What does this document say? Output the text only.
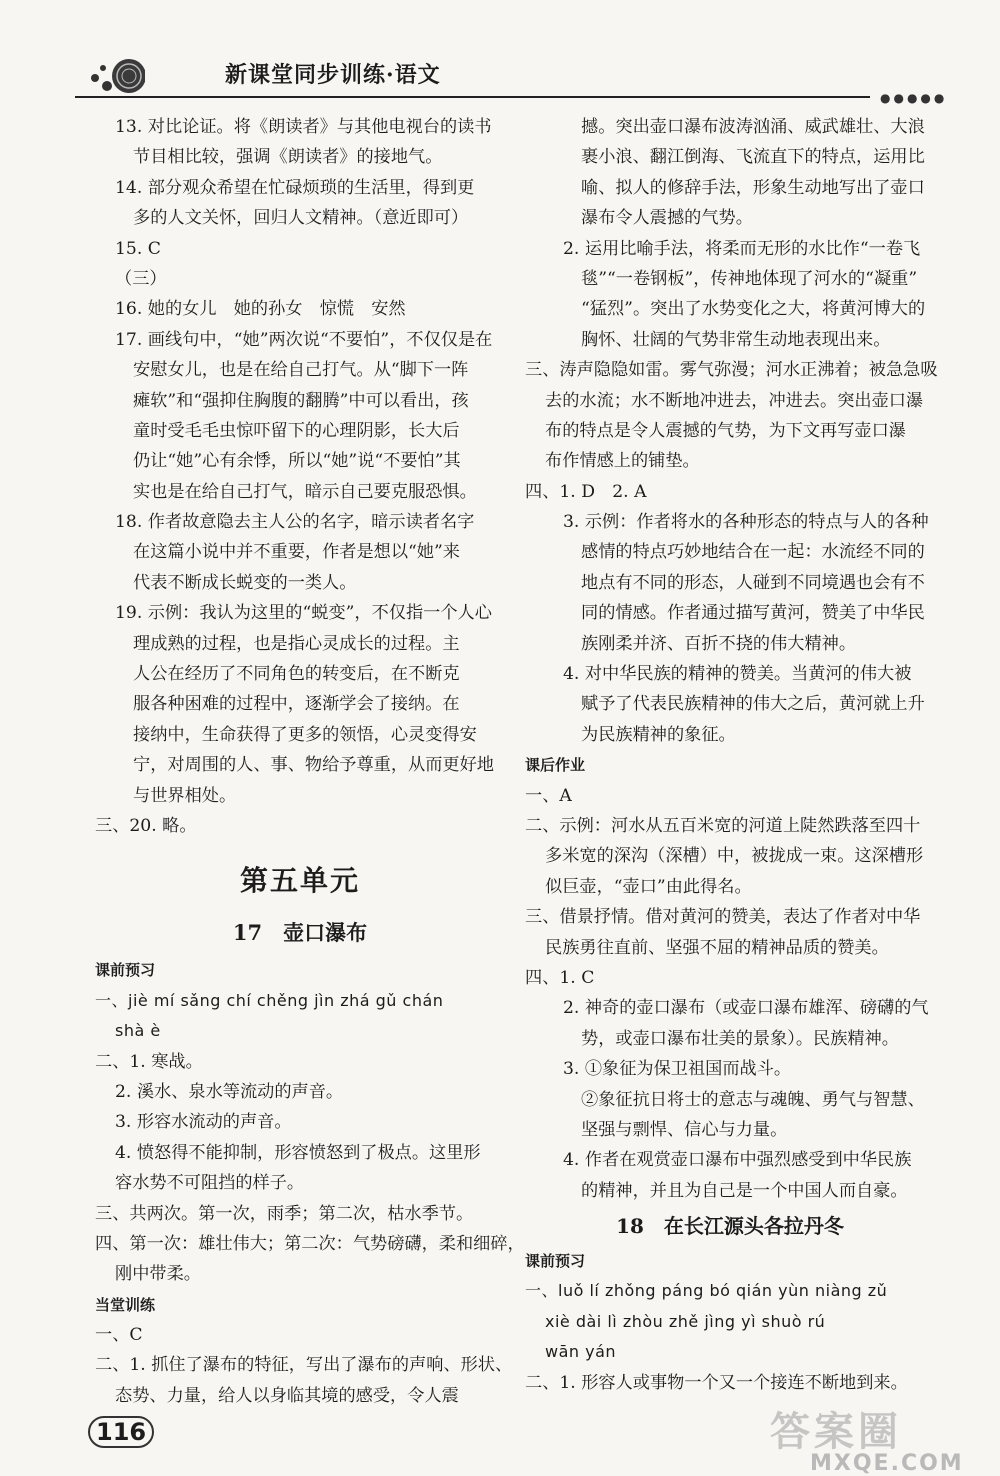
新课堂同步训练·语文
●●●●●
13. 对比论证。将《朗读者》与其他电视台的读书
节目相比较，强调《朗读者》的接地气。
14. 部分观众希望在忙碌烦琐的生活里，得到更
多的人文关怀，回归人文精神。（意近即可）
15. C
（三）
16. 她的女儿　她的孙女　惊慌　安然
17. 画线句中，“她”两次说“不要怕”，不仅仅是在
安慰女儿，也是在给自己打气。从“脚下一阵
瘫软”和“强抑住胸腹的翻腾”中可以看出，孩
童时受毛毛虫惊吓留下的心理阴影，长大后
仍让“她”心有余悸，所以“她”说“不要怕”其
实也是在给自己打气，暗示自己要克服恐惧。
18. 作者故意隐去主人公的名字，暗示读者名字
在这篇小说中并不重要，作者是想以“她”来
代表不断成长蜕变的一类人。
19. 示例：我认为这里的“蜕变”，不仅指一个人心
理成熟的过程，也是指心灵成长的过程。主
人公在经历了不同角色的转变后，在不断克
服各种困难的过程中，逐渐学会了接纳。在
接纳中，生命获得了更多的领悟，心灵变得安
宁，对周围的人、事、物给予尊重，从而更好地
与世界相处。
三、20. 略。
第五单元
17　壶口瀑布
课前预习
一、jiè mí sǎng chí chěng jìn zhá gǔ chán
shà è
二、1. 寒战。
2. 溪水、泉水等流动的声音。
3. 形容水流动的声音。
4. 愤怒得不能抑制，形容愤怒到了极点。这里形
容水势不可阻挡的样子。
三、共两次。第一次，雨季；第二次，枯水季节。
四、第一次：雄壮伟大；第二次：气势磅礴，柔和细碎，
刚中带柔。
当堂训练
一、C
二、1. 抓住了瀑布的特征，写出了瀑布的声响、形状、
态势、力量，给人以身临其境的感受，令人震
撼。突出壶口瀑布波涛汹涌、威武雄壮、大浪
裹小浪、翻江倒海、飞流直下的特点，运用比
喻、拟人的修辞手法，形象生动地写出了壶口
瀑布令人震撼的气势。
2. 运用比喻手法，将柔而无形的水比作“一卷飞
毯”“一卷钢板”，传神地体现了河水的“凝重”
“猛烈”。突出了水势变化之大，将黄河博大的
胸怀、壮阔的气势非常生动地表现出来。
三、涛声隐隐如雷。雾气弥漫；河水正沸着；被急急吸
去的水流；水不断地冲进去，冲进去。突出壶口瀑
布的特点是令人震撼的气势，为下文再写壶口瀑
布作情感上的铺垫。
四、1. D　2. A
3. 示例：作者将水的各种形态的特点与人的各种
感情的特点巧妙地结合在一起：水流经不同的
地点有不同的形态，人碰到不同境遇也会有不
同的情感。作者通过描写黄河，赞美了中华民
族刚柔并济、百折不挠的伟大精神。
4. 对中华民族的精神的赞美。当黄河的伟大被
赋予了代表民族精神的伟大之后，黄河就上升
为民族精神的象征。
课后作业
一、A
二、示例：河水从五百米宽的河道上陡然跌落至四十
多米宽的深沟（深槽）中，被拢成一束。这深槽形
似巨壶，“壶口”由此得名。
三、借景抒情。借对黄河的赞美，表达了作者对中华
民族勇往直前、坚强不屈的精神品质的赞美。
四、1. C
2. 神奇的壶口瀑布（或壶口瀑布雄浑、磅礴的气
势，或壶口瀑布壮美的景象）。民族精神。
3. ①象征为保卫祖国而战斗。
②象征抗日将士的意志与魂魄、勇气与智慧、
坚强与剽悍、信心与力量。
4. 作者在观赏壶口瀑布中强烈感受到中华民族
的精神，并且为自己是一个中国人而自豪。
18　在长江源头各拉丹冬
课前预习
一、luǒ lí zhǒng páng bó qián yùn niàng zǔ
xiè dài lì zhòu zhě jìng yì shuò rú
wān yán
二、1. 形容人或事物一个又一个接连不断地到来。
116	答案圈
MXQE.COM
